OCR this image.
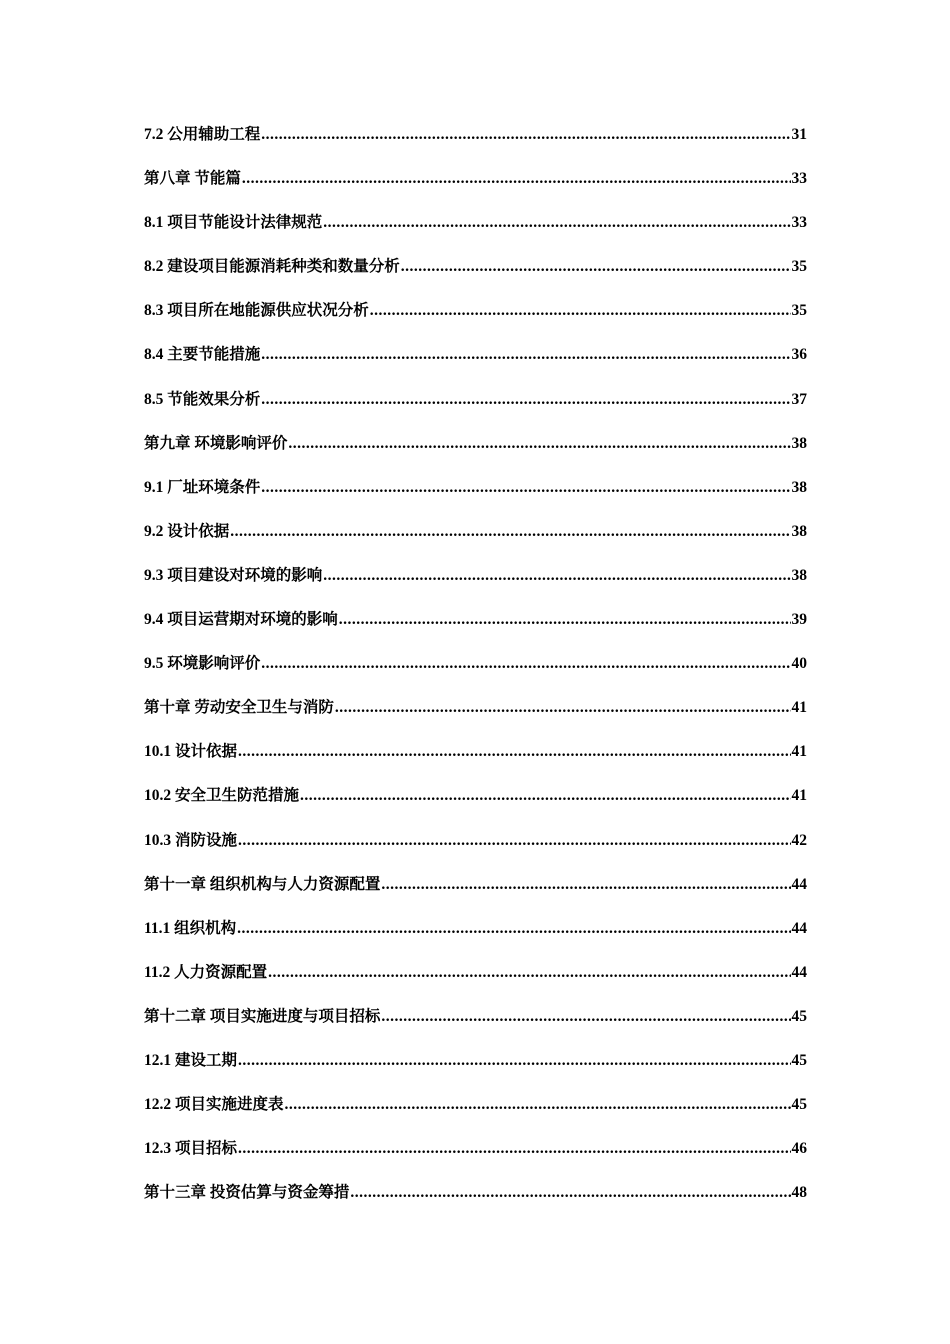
7.2 公用辅助工程 .....	31
第八章 节能篇 .....	33
8.1 项目节能设计法律规范 .....	33
8.2 建设项目能源消耗种类和数量分析 .....	35
8.3 项目所在地能源供应状况分析 .....	35
8.4 主要节能措施 .....	36
8.5 节能效果分析 .....	37
第九章 环境影响评价 .....	38
9.1 厂址环境条件 .....	38
9.2 设计依据 .....	38
9.3 项目建设对环境的影响 .....	38
9.4 项目运营期对环境的影响 .....	39
9.5 环境影响评价 .....	40
第十章 劳动安全卫生与消防 .....	41
10.1 设计依据 .....	41
10.2 安全卫生防范措施 .....	41
10.3 消防设施 .....	42
第十一章 组织机构与人力资源配置 .....	44
11.1 组织机构 .....	44
11.2 人力资源配置 .....	44
第十二章 项目实施进度与项目招标 .....	45
12.1 建设工期 .....	45
12.2 项目实施进度表 .....	45
12.3 项目招标 .....	46
第十三章 投资估算与资金筹措 .....	48
